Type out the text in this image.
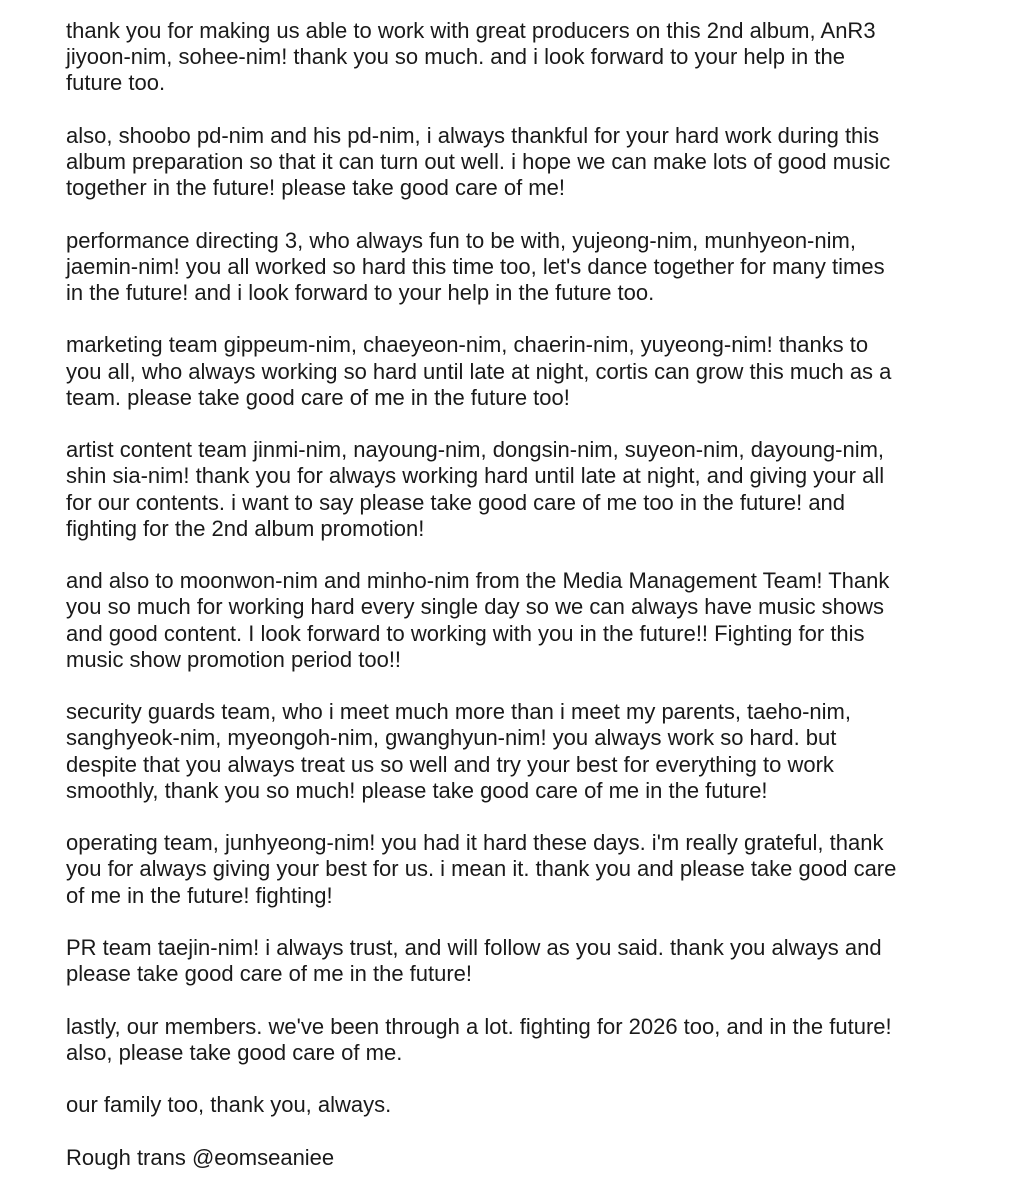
thank you for making us able to work with great producers on this 2nd album, AnR3
jiyoon-nim, sohee-nim! thank you so much. and i look forward to your help in the
future too.

also, shoobo pd-nim and his pd-nim, i always thankful for your hard work during this
album preparation so that it can turn out well. i hope we can make lots of good music
together in the future! please take good care of me!

performance directing 3, who always fun to be with, yujeong-nim, munhyeon-nim,
jaemin-nim! you all worked so hard this time too, let's dance together for many times
in the future! and i look forward to your help in the future too.

marketing team gippeum-nim, chaeyeon-nim, chaerin-nim, yuyeong-nim! thanks to
you all, who always working so hard until late at night, cortis can grow this much as a
team. please take good care of me in the future too!

artist content team jinmi-nim, nayoung-nim, dongsin-nim, suyeon-nim, dayoung-nim,
shin sia-nim! thank you for always working hard until late at night, and giving your all
for our contents. i want to say please take good care of me too in the future! and
fighting for the 2nd album promotion!

and also to moonwon-nim and minho-nim from the Media Management Team! Thank
you so much for working hard every single day so we can always have music shows
and good content. I look forward to working with you in the future!! Fighting for this
music show promotion period too!!

security guards team, who i meet much more than i meet my parents, taeho-nim,
sanghyeok-nim, myeongoh-nim, gwanghyun-nim! you always work so hard. but
despite that you always treat us so well and try your best for everything to work
smoothly, thank you so much! please take good care of me in the future!

operating team, junhyeong-nim! you had it hard these days. i'm really grateful, thank
you for always giving your best for us. i mean it. thank you and please take good care
of me in the future! fighting!

PR team taejin-nim! i always trust, and will follow as you said. thank you always and
please take good care of me in the future!

lastly, our members. we've been through a lot. fighting for 2026 too, and in the future!
also, please take good care of me.

our family too, thank you, always.

Rough trans @eomseaniee
